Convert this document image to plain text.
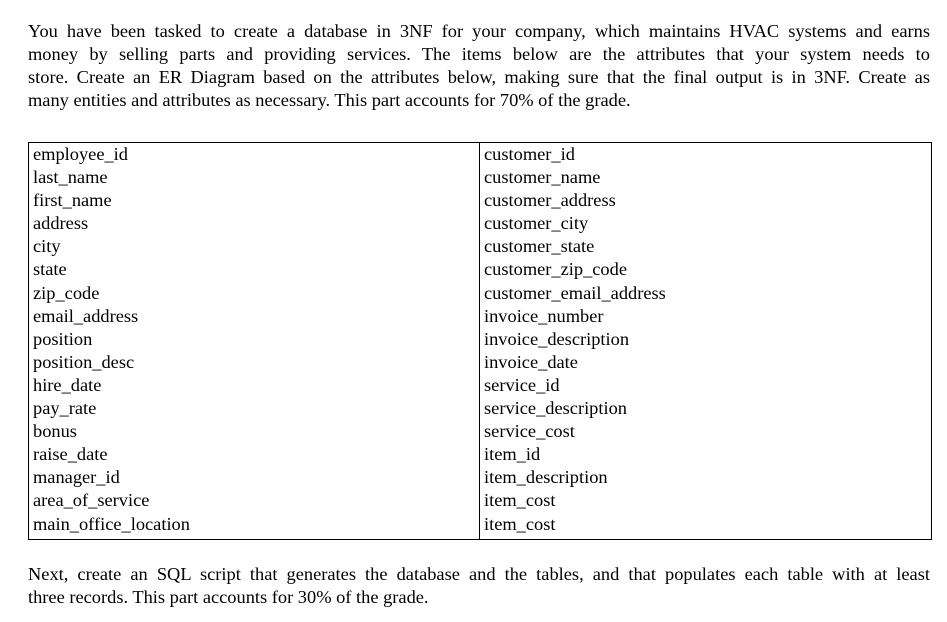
You have been tasked to create a database in 3NF for your company, which maintains HVAC systems and earns
money by selling parts and providing services. The items below are the attributes that your system needs to
store. Create an ER Diagram based on the attributes below, making sure that the final output is in 3NF. Create as
many entities and attributes as necessary. This part accounts for 70% of the grade.
employee_id
last_name
first_name
address
city
state
zip_code
email_address
position
position_desc
hire_date
pay_rate
bonus
raise_date
manager_id
area_of_service
main_office_location
customer_id
customer_name
customer_address
customer_city
customer_state
customer_zip_code
customer_email_address
invoice_number
invoice_description
invoice_date
service_id
service_description
service_cost
item_id
item_description
item_cost
item_cost
Next, create an SQL script that generates the database and the tables, and that populates each table with at least
three records. This part accounts for 30% of the grade.
